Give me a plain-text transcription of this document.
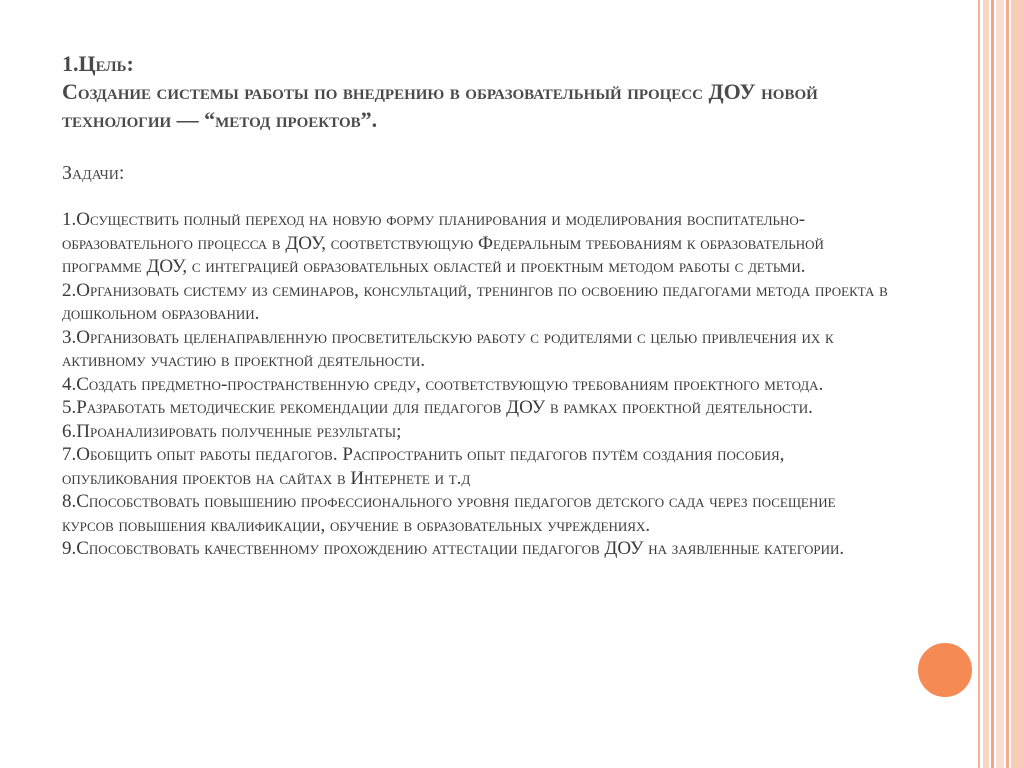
1.Цель:
Создание системы работы по внедрению в образовательный процесс ДОУ новой технологии — “метод проектов”.
Задачи:

1.Осуществить полный переход на новую форму планирования и моделирования воспитательно-образовательного процесса в ДОУ, соответствующую Федеральным требованиям к образовательной программе ДОУ, с интеграцией образовательных областей и проектным методом работы с детьми.

2.Организовать систему из семинаров, консультаций, тренингов по освоению педагогами метода проекта в дошкольном образовании.

3.Организовать целенаправленную просветительскую работу с родителями с целью привлечения их к активному участию в проектной деятельности.

4.Создать предметно-пространственную среду, соответствующую требованиям проектного метода.

5.Разработать методические рекомендации для педагогов ДОУ в рамках проектной деятельности.

6.Проанализировать полученные результаты;

7.Обобщить опыт работы педагогов. Распространить опыт педагогов путём создания пособия, опубликования проектов на сайтах в Интернете и т.д

8.Способствовать повышению профессионального уровня педагогов детского сада через посещение курсов повышения квалификации, обучение в образовательных учреждениях.

9.Способствовать качественному прохождению аттестации педагогов ДОУ на заявленные категории.
